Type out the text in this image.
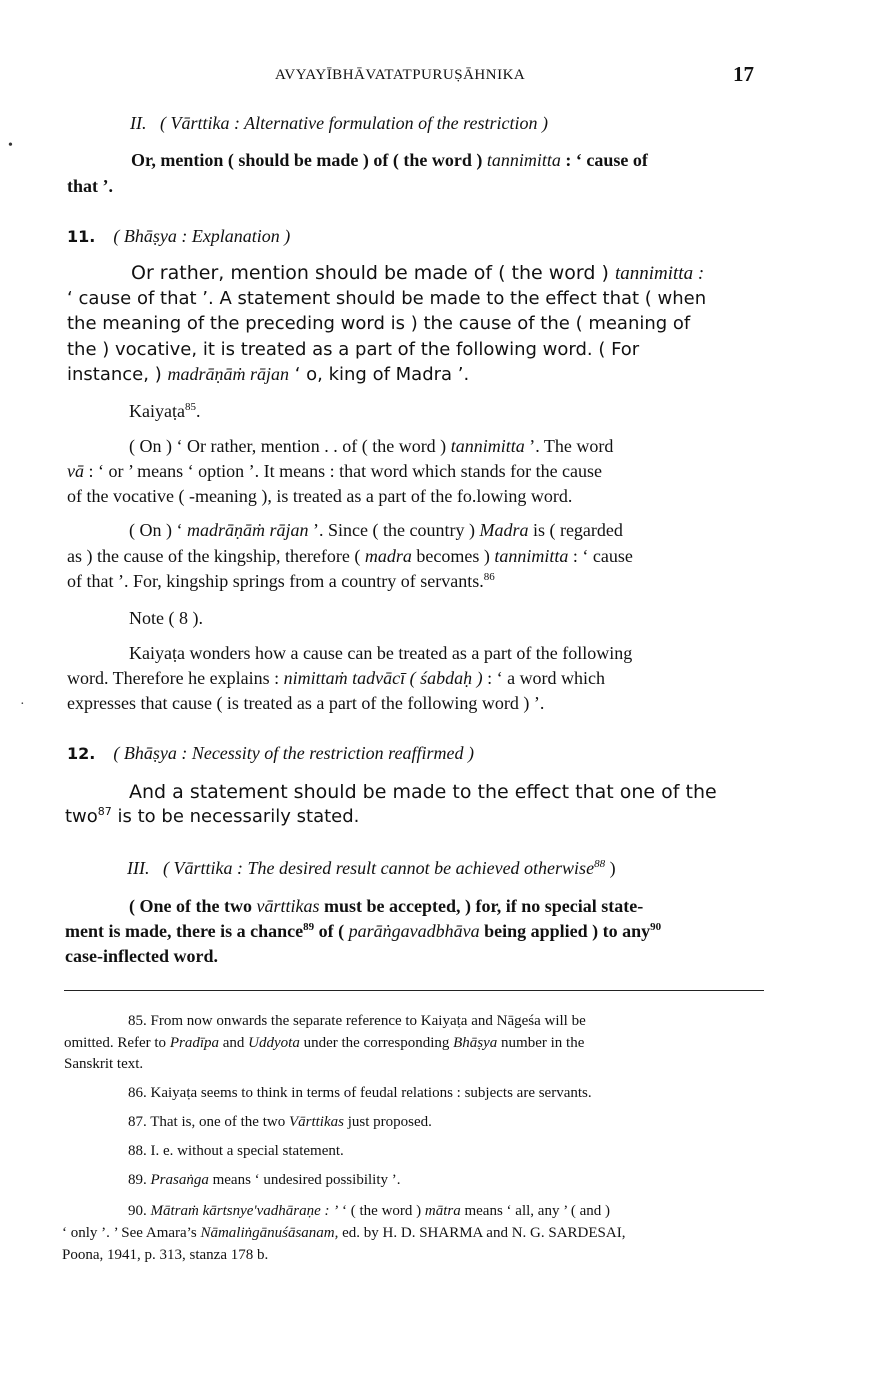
AVYAYĪBHĀVATATPURUṢĀHNIKA	17
II. ( Vārttika : Alternative formulation of the restriction )
Or, mention ( should be made ) of ( the word ) tannimitta : ‘ cause of
that ’.
11. ( Bhāṣya : Explanation )
Or rather, mention should be made of ( the word ) tannimitta :
‘ cause of that ’. A statement should be made to the effect that ( when
the meaning of the preceding word is ) the cause of the ( meaning of
the ) vocative, it is treated as a part of the following word. ( For
instance, ) madrāṇāṁ rājan ‘ o, king of Madra ’.
Kaiyaṭa$^{85}$.
( On ) ‘ Or rather, mention . . of ( the word ) tannimitta ’. The word
vā : ‘ or ’ means ‘ option ’. It means : that word which stands for the cause
of the vocative ( -meaning ), is treated as a part of the fo.lowing word.
( On ) ‘ madrāṇāṁ rājan ’. Since ( the country ) Madra is ( regarded
as ) the cause of the kingship, therefore ( madra becomes ) tannimitta : ‘ cause
of that ’. For, kingship springs from a country of servants.$^{86}$
Note ( 8 ).
Kaiyaṭa wonders how a cause can be treated as a part of the following
word. Therefore he explains : nimittaṁ tadvācī ( śabdaḥ ) : ‘ a word which
expresses that cause ( is treated as a part of the following word ) ’.
12. ( Bhāṣya : Necessity of the restriction reaffirmed )
And a statement should be made to the effect that one of the
two$^{87}$ is to be necessarily stated.
III. ( Vārttika : The desired result cannot be achieved otherwise$^{88}$ )
( One of the two vārttikas must be accepted, ) for, if no special state-
ment is made, there is a chance$^{89}$ of ( parāṅgavadbhāva being applied ) to any$^{90}$
case-inflected word.
85. From now onwards the separate reference to Kaiyaṭa and Nāgeśa will be
omitted. Refer to Pradīpa and Uddyota under the corresponding Bhāṣya number in the
Sanskrit text.
86. Kaiyaṭa seems to think in terms of feudal relations : subjects are servants.
87. That is, one of the two Vārttikas just proposed.
88. I. e. without a special statement.
89. Prasaṅga means ‘ undesired possibility ’.
90. Mātraṁ kārtsnye'vadhāraṇe : ’ ‘ ( the word ) mātra means ‘ all, any ’ ( and )
‘ only ’. ’ See Amara’s Nāmaliṅgānuśāsanam, ed. by H. D. SHARMA and N. G. SARDESAI,
Poona, 1941, p. 313, stanza 178 b.
•
·
